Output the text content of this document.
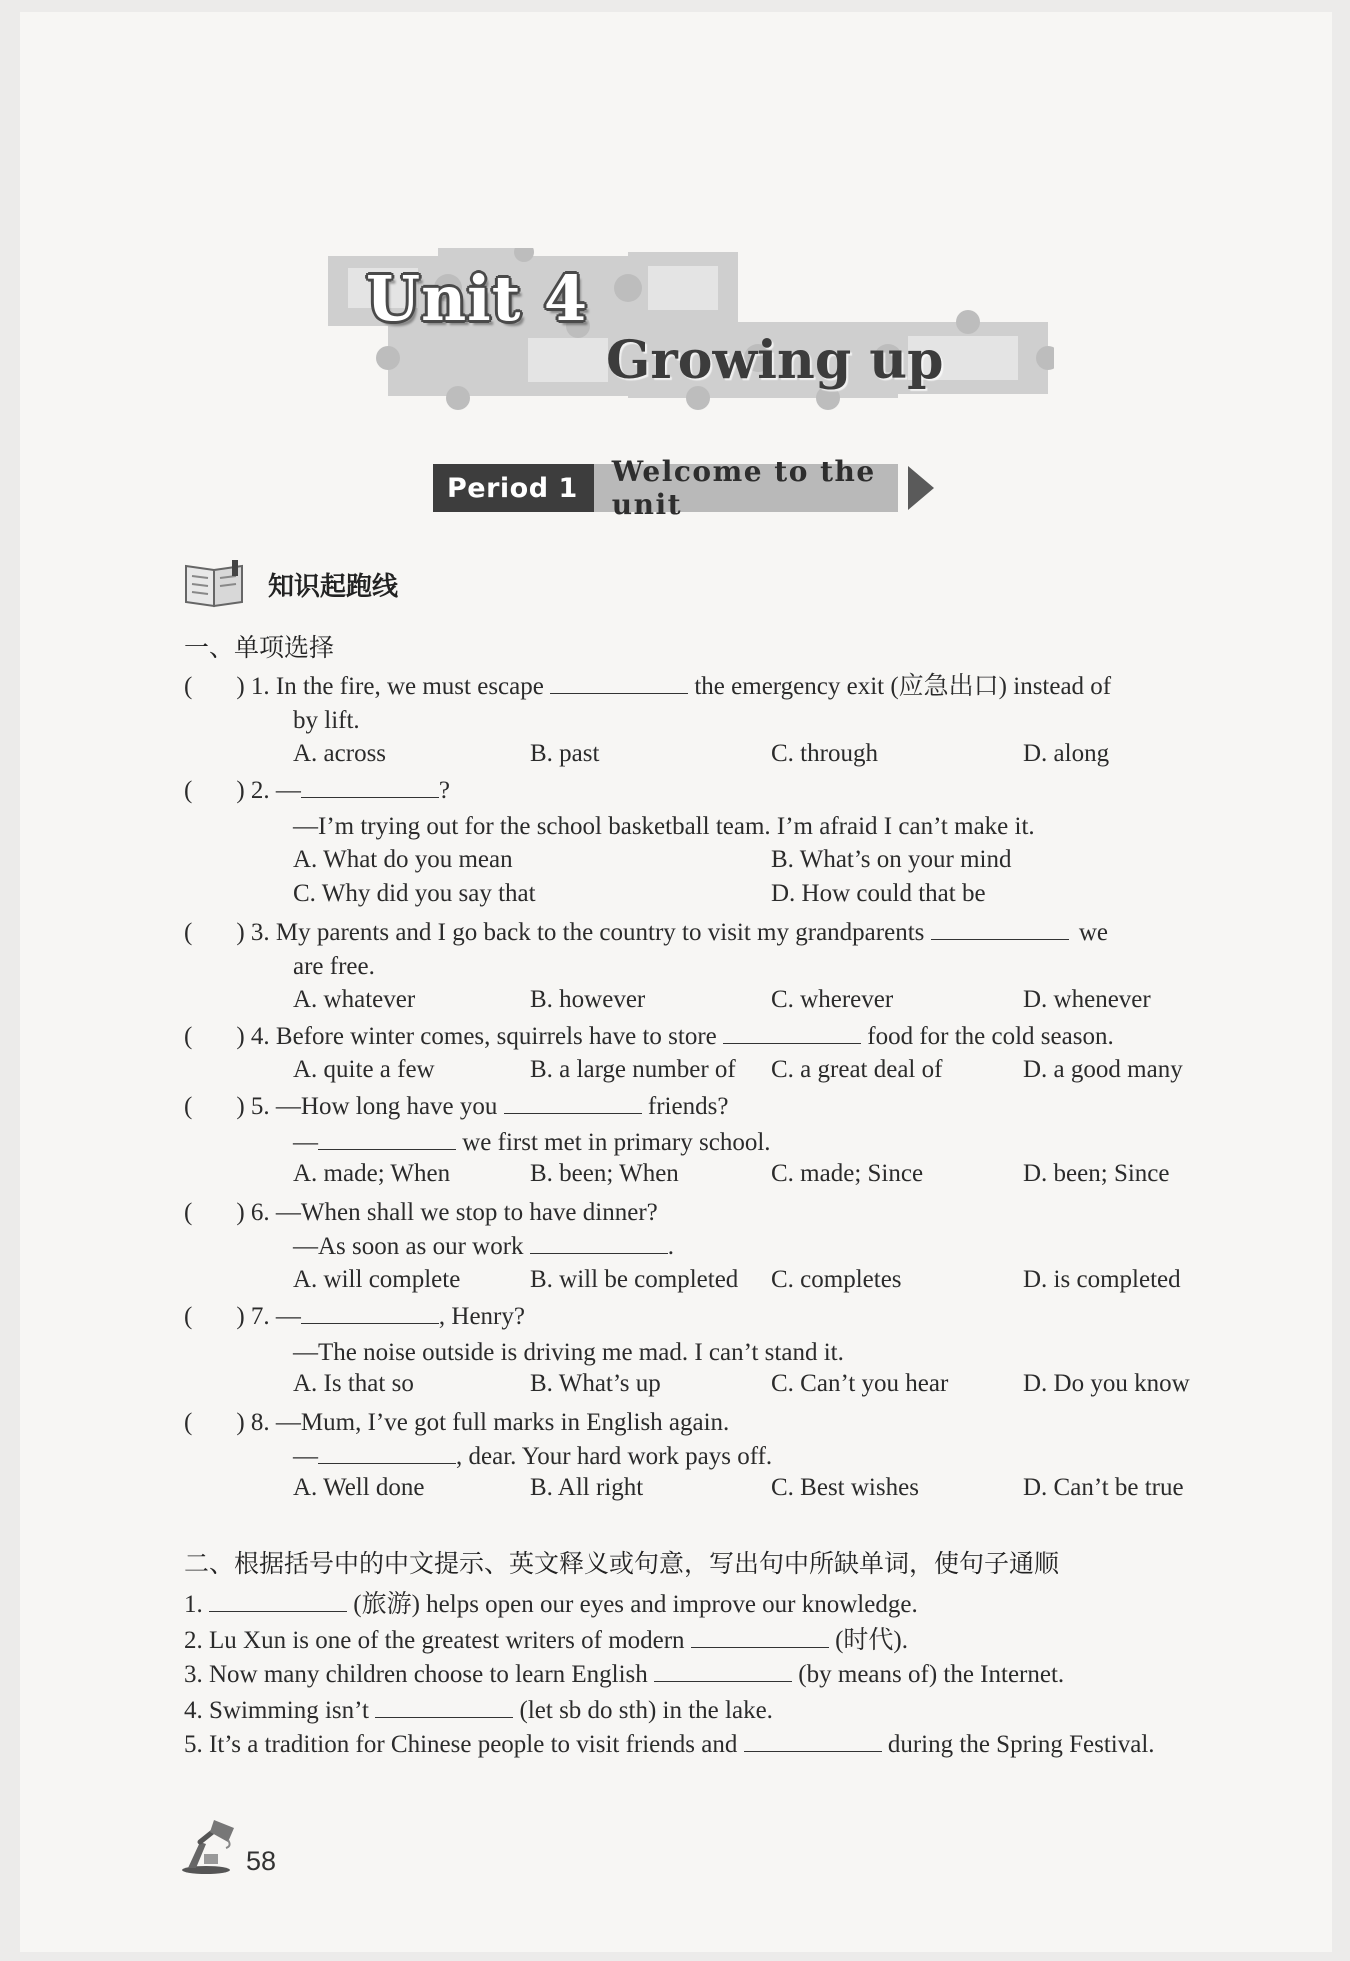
Unit 4
Growing up
Period 1	Welcome to the unit
知识起跑线
一、单项选择
( ) 1. In the fire, we must escape	the emergency exit (应急出口) instead of
by lift.
A. across	B. past	C. through	D. along
( ) 2. —	?
—I’m trying out for the school basketball team. I’m afraid I can’t make it.
A. What do you mean	B. What’s on your mind
C. Why did you say that	D. How could that be
( ) 3. My parents and I go back to the country to visit my grandparents	we
are free.
A. whatever	B. however	C. wherever	D. whenever
( ) 4. Before winter comes, squirrels have to store	food for the cold season.
A. quite a few	B. a large number of C. a great deal of	D. a good many
( ) 5. —How long have you	friends?
—	we first met in primary school.
A. made; When	B. been; When	C. made; Since	D. been; Since
( ) 6. —When shall we stop to have dinner?
—As soon as our work	.
A. will complete	B. will be completed C. completes	D. is completed
( ) 7. —	, Henry?
—The noise outside is driving me mad. I can’t stand it.
A. Is that so	B. What’s up	C. Can’t you hear	D. Do you know
( ) 8. —Mum, I’ve got full marks in English again.
—	, dear. Your hard work pays off.
A. Well done	B. All right	C. Best wishes	D. Can’t be true
二、根据括号中的中文提示、英文释义或句意，写出句中所缺单词，使句子通顺
1.	(旅游) helps open our eyes and improve our knowledge.
2. Lu Xun is one of the greatest writers of modern	(时代).
3. Now many children choose to learn English	(by means of) the Internet.
4. Swimming isn’t	(let sb do sth) in the lake.
5. It’s a tradition for Chinese people to visit friends and	during the Spring Festival.
58
